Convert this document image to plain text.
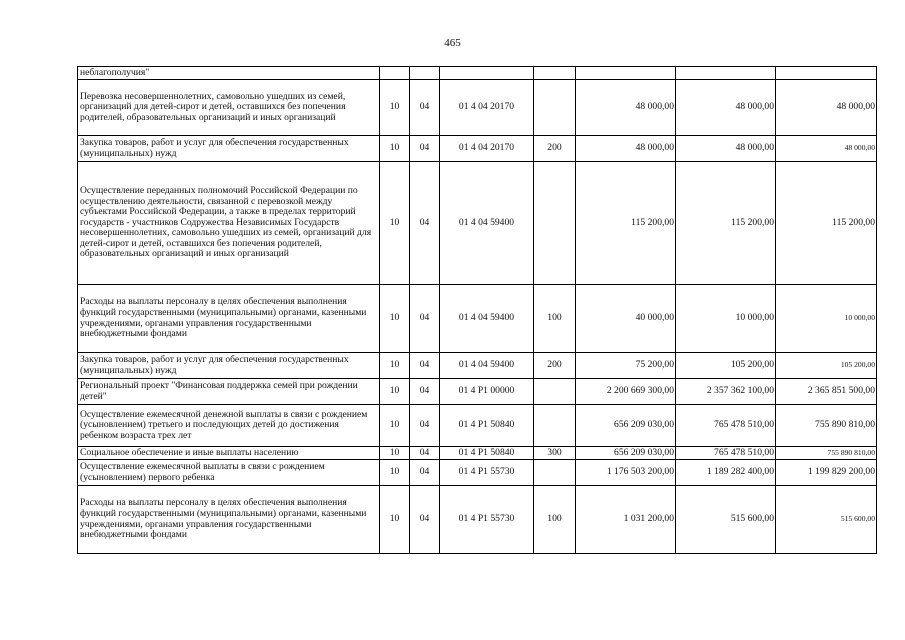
465
неблагополучия"							
Перевозка несовершеннолетних, самовольно ушедших из семей, организаций для детей-сирот и детей, оставшихся без попечения родителей, образовательных организаций и иных организаций	10	04	01 4 04 20170		48 000,00	48 000,00	48 000,00
Закупка товаров, работ и услуг для обеспечения государственных (муниципальных) нужд	10	04	01 4 04 20170	200	48 000,00	48 000,00	48 000,00
Осуществление переданных полномочий Российской Федерации по осуществлению деятельности, связанной с перевозкой между субъектами Российской Федерации, а также в пределах территорий государств - участников Содружества Независимых Государств несовершеннолетних, самовольно ушедших из семей, организаций для детей-сирот и детей, оставшихся без попечения родителей, образовательных организаций и иных организаций	10	04	01 4 04 59400		115 200,00	115 200,00	115 200,00
Расходы на выплаты персоналу в целях обеспечения выполнения функций государственными (муниципальными) органами, казенными учреждениями, органами управления государственными внебюджетными фондами	10	04	01 4 04 59400	100	40 000,00	10 000,00	10 000,00
Закупка товаров, работ и услуг для обеспечения государственных (муниципальных) нужд	10	04	01 4 04 59400	200	75 200,00	105 200,00	105 200,00
Региональный проект "Финансовая поддержка семей при рождении детей"	10	04	01 4 P1 00000		2 200 669 300,00	2 357 362 100,00	2 365 851 500,00
Осуществление ежемесячной денежной выплаты в связи с рождением (усыновлением) третьего и последующих детей до достижения ребенком возраста трех лет	10	04	01 4 P1 50840		656 209 030,00	765 478 510,00	755 890 810,00
Социальное обеспечение и иные выплаты населению	10	04	01 4 P1 50840	300	656 209 030,00	765 478 510,00	755 890 810,00
Осуществление ежемесячной выплаты в связи с рождением (усыновлением) первого ребенка	10	04	01 4 P1 55730		1 176 503 200,00	1 189 282 400,00	1 199 829 200,00
Расходы на выплаты персоналу в целях обеспечения выполнения функций государственными (муниципальными) органами, казенными учреждениями, органами управления государственными внебюджетными фондами	10	04	01 4 P1 55730	100	1 031 200,00	515 600,00	515 600,00
